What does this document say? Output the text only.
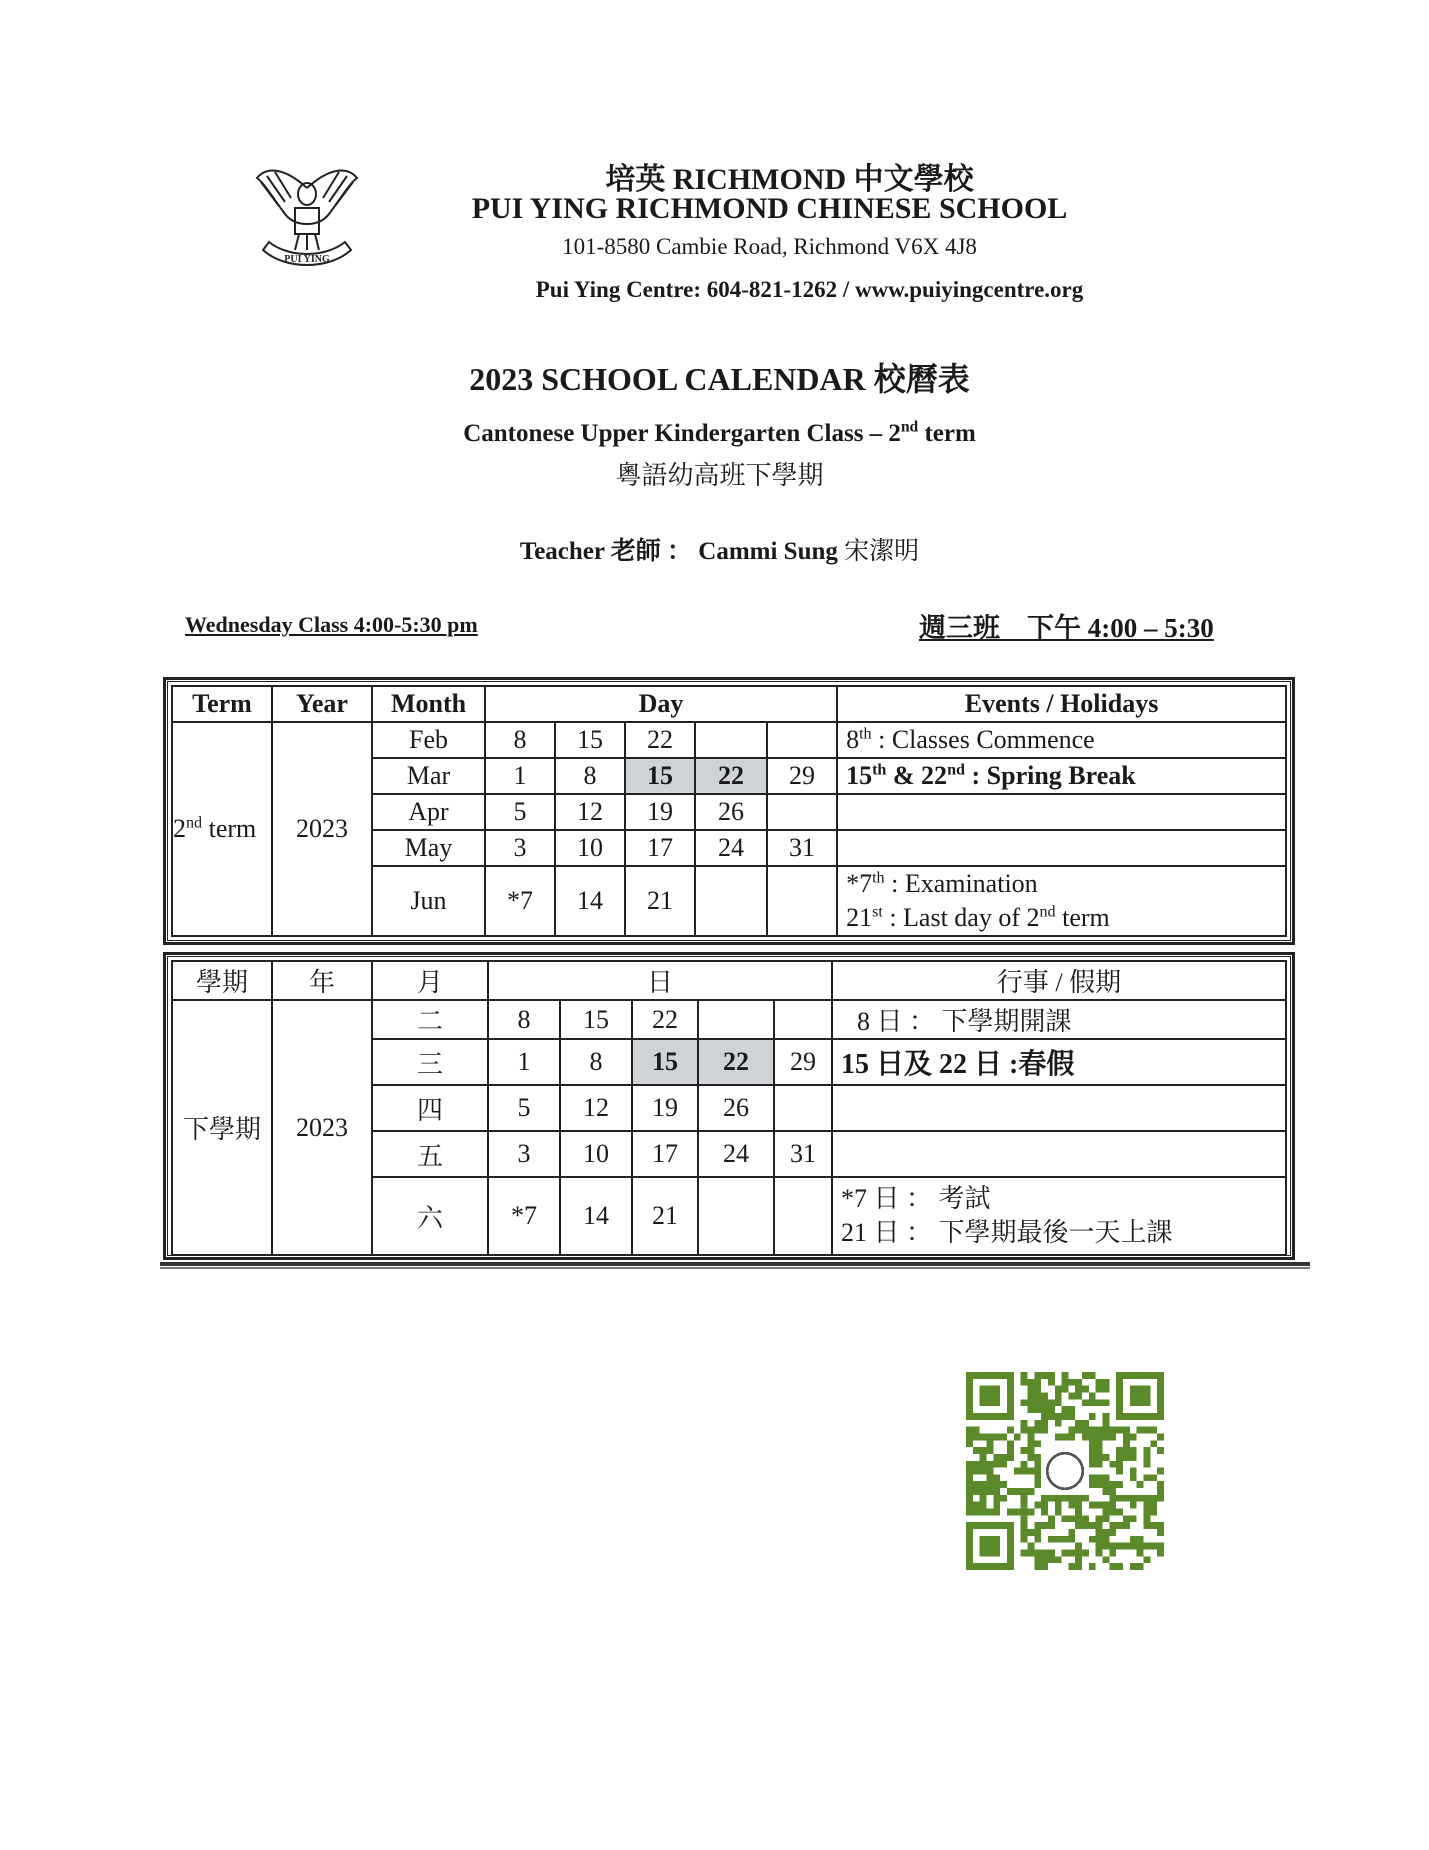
PUI YING
培英 RICHMOND 中文學校
PUI YING RICHMOND CHINESE SCHOOL
101-8580 Cambie Road, Richmond V6X 4J8
Pui Ying Centre: 604-821-1262 / www.puiyingcentre.org
2023 SCHOOL CALENDAR 校曆表
Cantonese Upper Kindergarten Class – 2nd term
粵語幼高班下學期
Teacher 老師 ： Cammi Sung 宋潔明
Wednesday Class 4:00-5:30 pm	週三班　下午 4:00 – 5:30
Term	Year	Month	Day					Events / Holidays
2nd term	2023	Feb	8	15	22			8th : Classes Commence
		Mar	1	8	15	22	29	15th & 22nd : Spring Break
		Apr	5	12	19	26		
		May	3	10	17	24	31	
		Jun	*7	14	21			*7th : Examination
21st : Last day of 2nd term
學期	年	月	日					行事 / 假期
下學期	2023	二	8	15	22			8 日 ： 下學期開課
		三	1	8	15	22	29	15 日及 22 日 :春假
		四	5	12	19	26		
		五	3	10	17	24	31	
		六	*7	14	21			*7 日 ： 考試
21 日 ： 下學期最後一天上課
